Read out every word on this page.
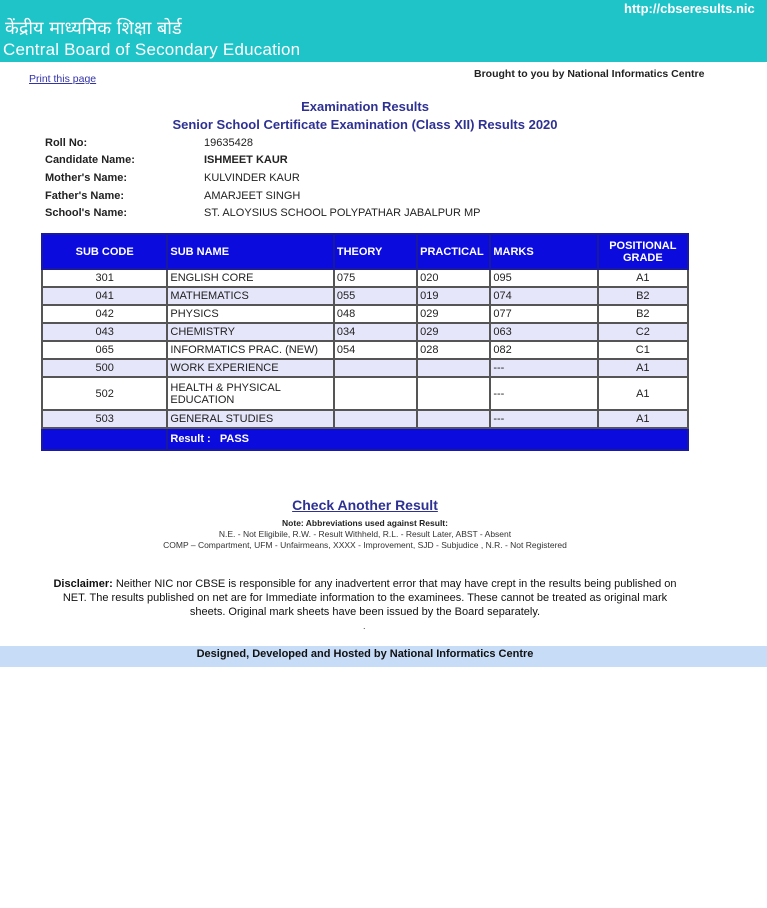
केंद्रीय माध्यमिक शिक्षा बोर्ड
Central Board of Secondary Education
http://cbseresults.nic
Print this page	Brought to you by National Informatics Centre
Examination Results
Senior School Certificate Examination (Class XII) Results 2020
Roll No:	19635428
Candidate Name:	ISHMEET KAUR
Mother's Name:	KULVINDER KAUR
Father's Name:	AMARJEET SINGH
School's Name:	ST. ALOYSIUS SCHOOL POLYPATHAR JABALPUR MP
SUB CODE	SUB NAME	THEORY	PRACTICAL	MARKS	POSITIONAL GRADE
301	ENGLISH CORE	075	020	095	A1
041	MATHEMATICS	055	019	074	B2
042	PHYSICS	048	029	077	B2
043	CHEMISTRY	034	029	063	C2
065	INFORMATICS PRAC. (NEW)	054	028	082	C1
500	WORK EXPERIENCE			---	A1
502	HEALTH & PHYSICAL EDUCATION			---	A1
503	GENERAL STUDIES			---	A1
	Result :   PASS				
Check Another Result
Note: Abbreviations used against Result:
N.E. - Not Eligibile, R.W. - Result Withheld, R.L. - Result Later, ABST - Absent
COMP – Compartment, UFM - Unfairmeans, XXXX - Improvement, SJD - Subjudice , N.R. - Not Registered
Disclaimer: Neither NIC nor CBSE is responsible for any inadvertent error that may have crept in the results being published on NET. The results published on net are for Immediate information to the examinees. These cannot be treated as original mark sheets. Original mark sheets have been issued by the Board separately.
.
Designed, Developed and Hosted by National Informatics Centre
